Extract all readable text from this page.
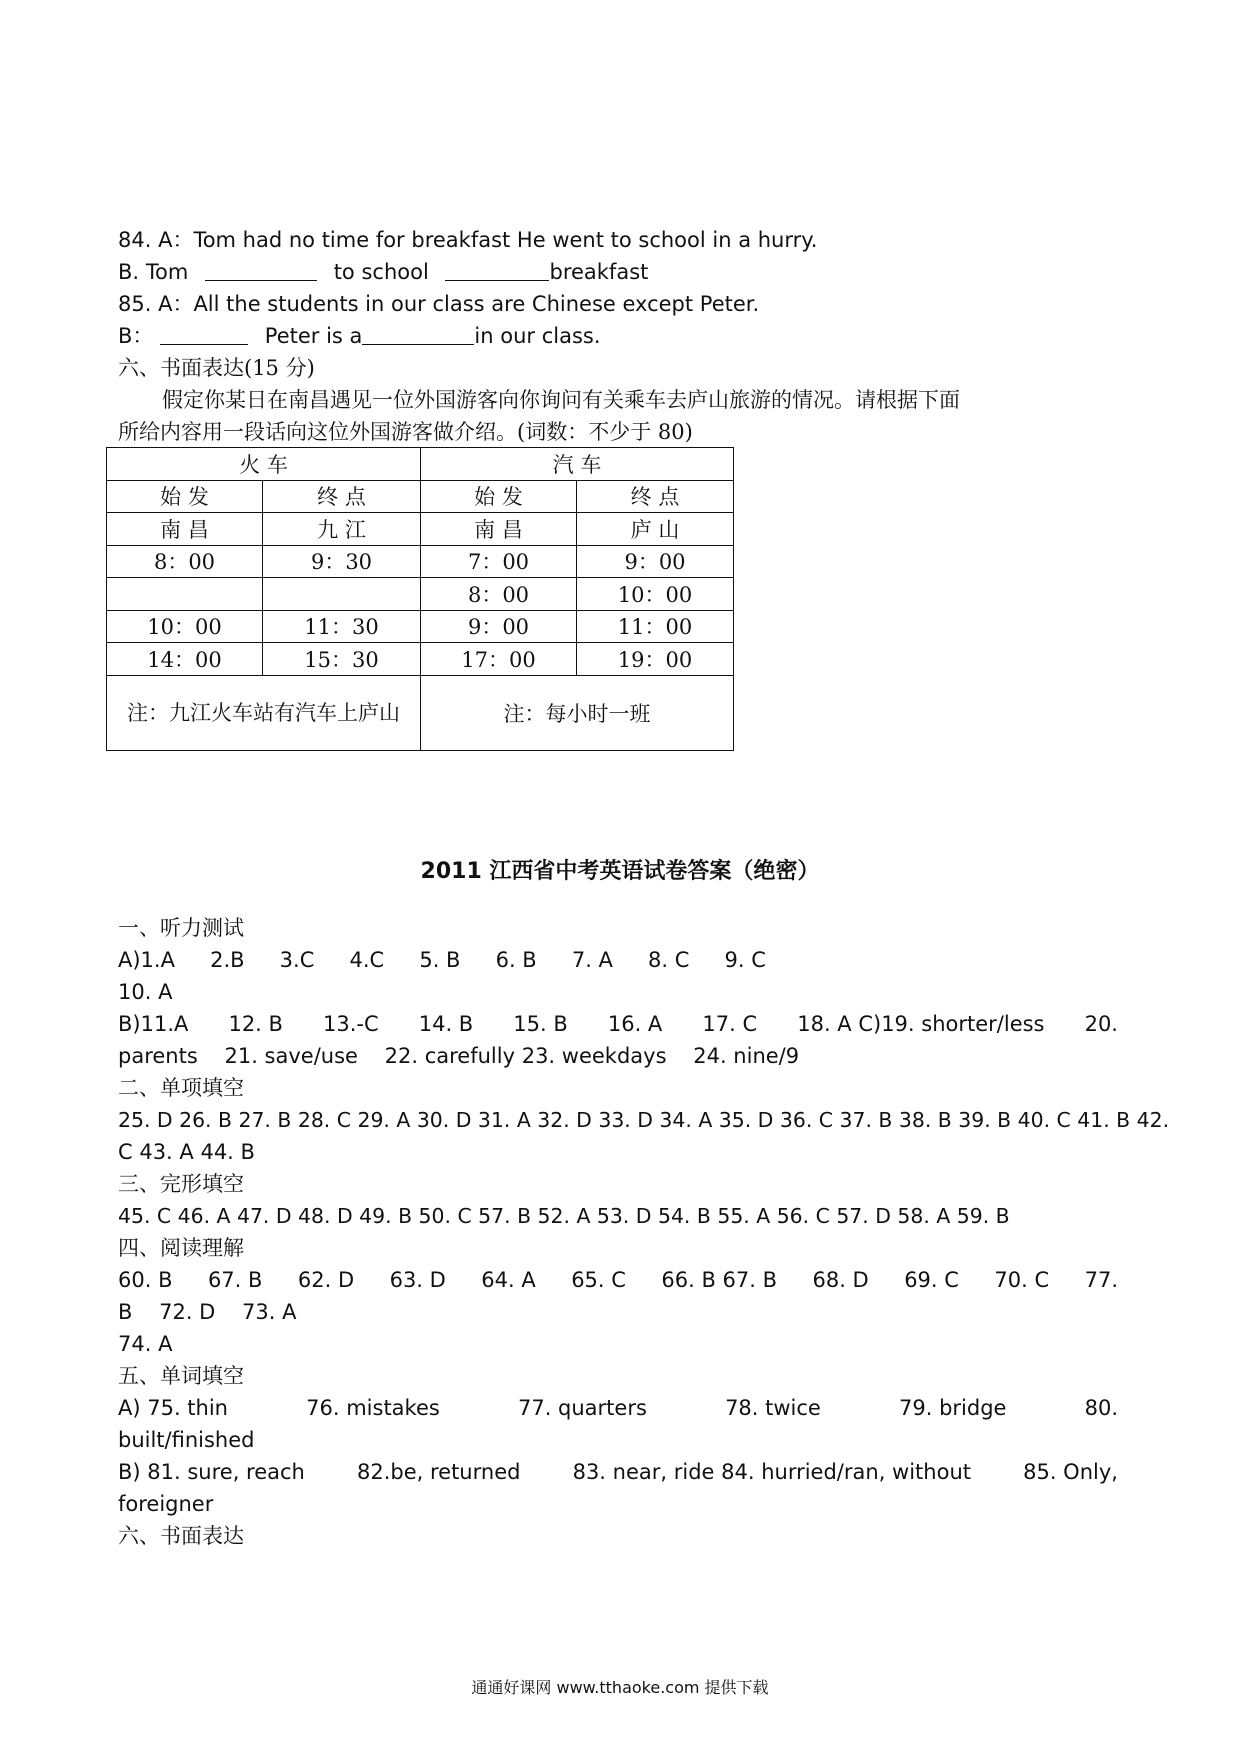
84. A：Tom had no time for breakfast He went to school in a hurry.
B. Tom	to school	breakfast
85. A：All the students in our class are Chinese except Peter.
B：	Peter is a	in our class.
六、书面表达(15 分)
假定你某日在南昌遇见一位外国游客向你询问有关乘车去庐山旅游的情况。请根据下面
所给内容用一段话向这位外国游客做介绍。(词数：不少于 80)
火 车		汽 车	
始 发	终 点	始 发	终 点
南 昌	九 江	南 昌	庐 山
8：00	9：30	7：00	9：00
		8：00	10：00
10：00	11：30	9：00	11：00
14：00	15：30	17：00	19：00
注：九江火车站有汽车上庐山		注：每小时一班	
2011 江西省中考英语试卷答案（绝密）
一、听力测试
A)1.A 2.B 3.C 4.C 5. B 6. B 7. A 8. C 9. C
10. A
B)11.A 12. B 13.-C 14. B 15. B 16. A 17. C 18. A C)19. shorter/less 20.
parents    21. save/use    22. carefully 23. weekdays    24. nine/9
二、单项填空
25. D 26. B 27. B 28. C 29. A 30. D 31. A 32. D 33. D 34. A 35. D 36. C 37. B 38. B 39. B 40. C 41. B 42.
C 43. A 44. B
三、完形填空
45. C 46. A 47. D 48. D 49. B 50. C 57. B 52. A 53. D 54. B 55. A 56. C 57. D 58. A 59. B
四、阅读理解
60. B 67. B 62. D 63. D 64. A 65. C 66. B 67. B 68. D 69. C 70. C 77.
B    72. D    73. A
74. A
五、单词填空
A) 75. thin	76. mistakes	77. quarters	78. twice	79. bridge	80.
built/finished
B) 81. sure, reach 82.be, returned 83. near, ride 84. hurried/ran, without 85. Only,
foreigner
六、书面表达
通通好课网 www.tthaoke.com 提供下载
